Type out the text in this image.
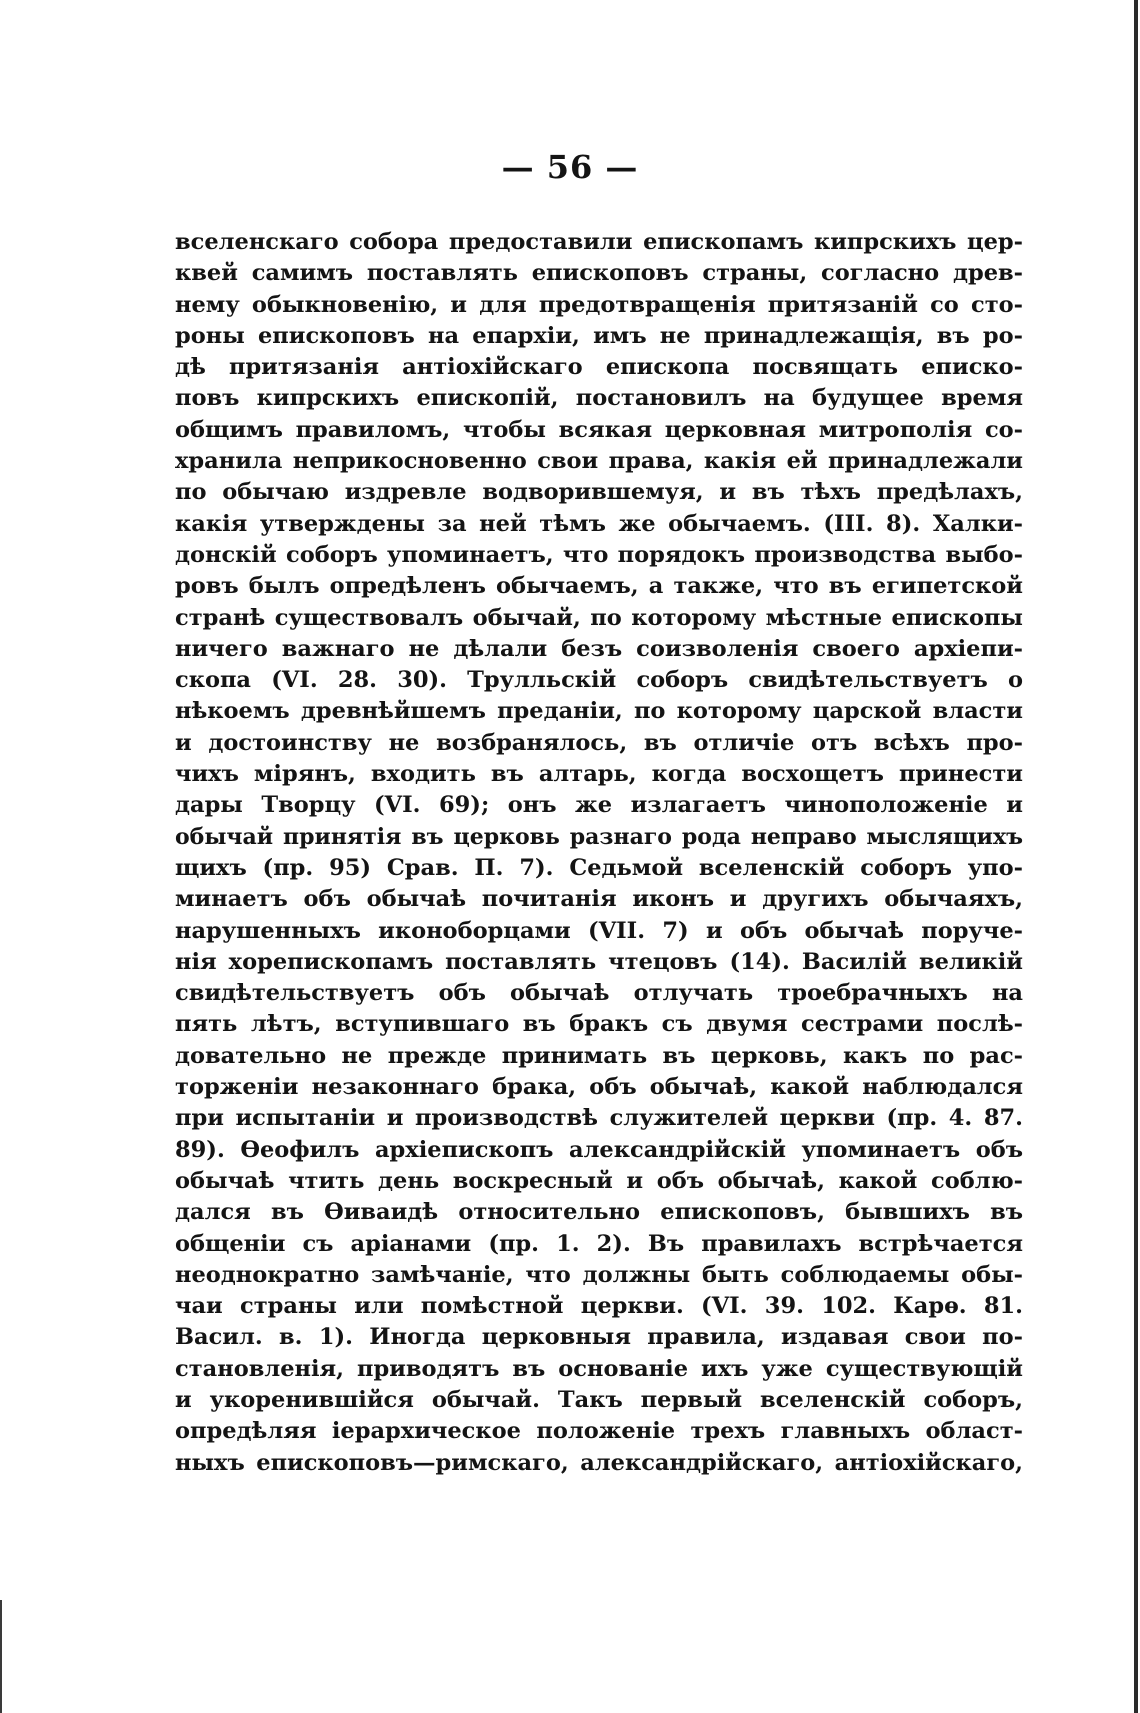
— 56 —
вселенскаго собора предоставили епископамъ кипрскихъ цер-
квей самимъ поставлять епископовъ страны, согласно древ-
нему обыкновенію, и для предотвращенія притязаній со сто-
роны епископовъ на епархіи, имъ не принадлежащія, въ ро-
дѣ притязанія антіохійскаго епископа посвящать еписко-
повъ кипрскихъ епископій, постановилъ на будущее время
общимъ правиломъ, чтобы всякая церковная митрополія со-
хранила неприкосновенно свои права, какія ей принадлежали
по обычаю издревле водворившемуя, и въ тѣхъ предѣлахъ,
какія утверждены за ней тѣмъ же обычаемъ. (III. 8). Халки-
донскій соборъ упоминаетъ, что порядокъ производства выбо-
ровъ былъ опредѣленъ обычаемъ, а также, что въ египетской
странѣ существовалъ обычай, по которому мѣстные епископы
ничего важнаго не дѣлали безъ соизволенія своего архіепи-
скопа (VI. 28. 30). Трулльскій соборъ свидѣтельствуетъ о
нѣкоемъ древнѣйшемъ преданіи, по которому царской власти
и достоинству не возбранялось, въ отличіе отъ всѣхъ про-
чихъ мірянъ, входить въ алтарь, когда восхощетъ принести
дары Творцу (VI. 69); онъ же излагаетъ чиноположеніе и
обычай принятія въ церковь разнаго рода неправо мыслящихъ
щихъ (пр. 95) Срав. П. 7). Седьмой вселенскій соборъ упо-
минаетъ объ обычаѣ почитанія иконъ и другихъ обычаяхъ,
нарушенныхъ иконоборцами (VII. 7) и объ обычаѣ поруче-
нія хорепископамъ поставлять чтецовъ (14). Василій великій
свидѣтельствуетъ объ обычаѣ отлучать троебрачныхъ на
пять лѣтъ, вступившаго въ бракъ съ двумя сестрами послѣ-
довательно не прежде принимать въ церковь, какъ по рас-
торженіи незаконнаго брака, объ обычаѣ, какой наблюдался
при испытаніи и производствѣ служителей церкви (пр. 4. 87.
89). Ѳеофилъ архіепископъ александрійскій упоминаетъ объ
обычаѣ чтить день воскресный и объ обычаѣ, какой соблю-
дался въ Ѳиваидѣ относительно епископовъ, бывшихъ въ
общеніи съ аріанами (пр. 1. 2). Въ правилахъ встрѣчается
неоднократно замѣчаніе, что должны быть соблюдаемы обы-
чаи страны или помѣстной церкви. (VI. 39. 102. Карѳ. 81.
Васил. в. 1). Иногда церковныя правила, издавая свои по-
становленія, приводятъ въ основаніе ихъ уже существующій
и укоренившійся обычай. Такъ первый вселенскій соборъ,
опредѣляя іерархическое положеніе трехъ главныхъ област-
ныхъ епископовъ—римскаго, александрійскаго, антіохійскаго,
